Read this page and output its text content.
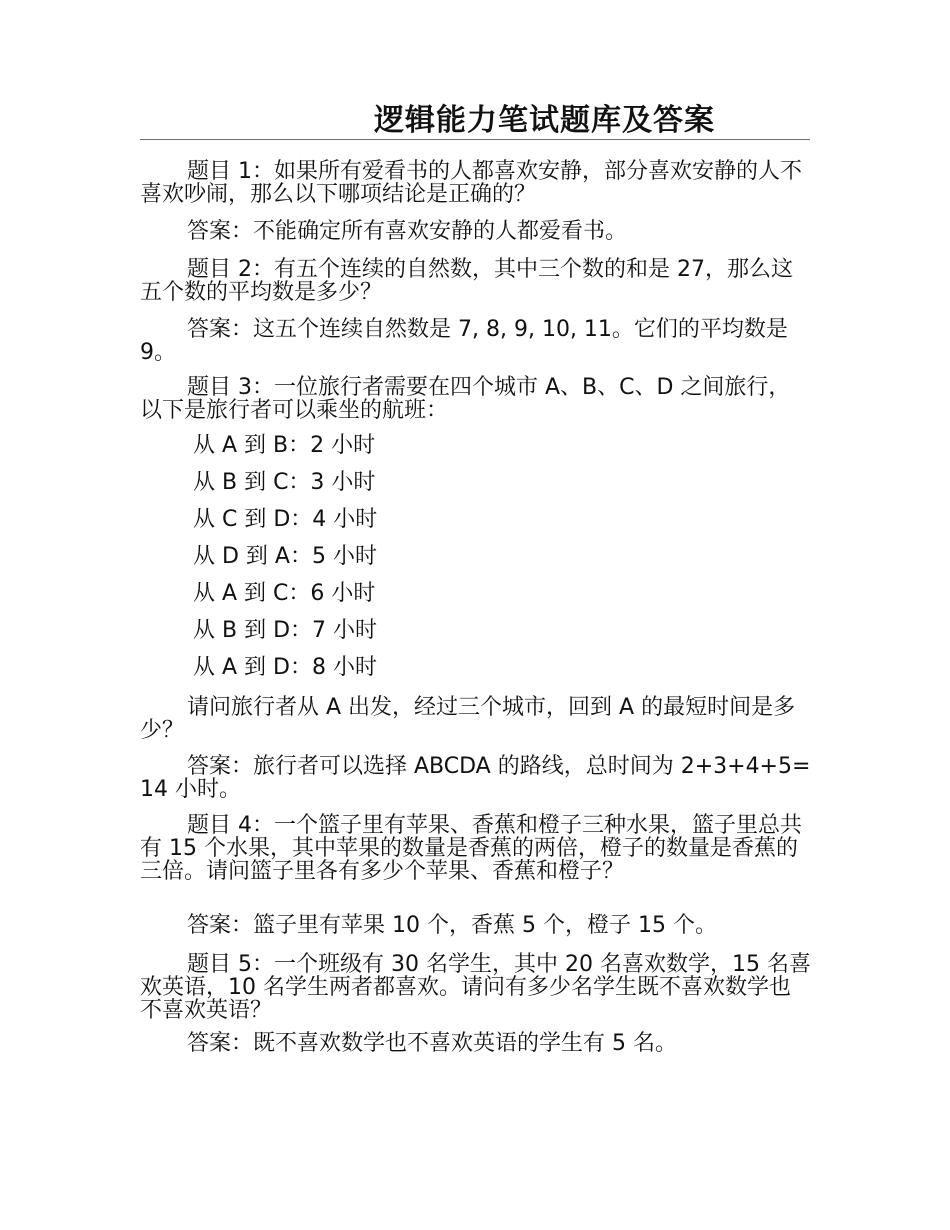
逻辑能力笔试题库及答案

题目 1：如果所有爱看书的人都喜欢安静，部分喜欢安静的人不喜欢吵闹，那么以下哪项结论是正确的？

答案：不能确定所有喜欢安静的人都爱看书。

题目 2：有五个连续的自然数，其中三个数的和是 27，那么这五个数的平均数是多少？

答案：这五个连续自然数是 7, 8, 9, 10, 11。它们的平均数是 9。

题目 3：一位旅行者需要在四个城市 A、B、C、D 之间旅行，以下是旅行者可以乘坐的航班：

从 A 到 B：2 小时

从 B 到 C：3 小时

从 C 到 D：4 小时

从 D 到 A：5 小时

从 A 到 C：6 小时

从 B 到 D：7 小时

从 A 到 D：8 小时

请问旅行者从 A 出发，经过三个城市，回到 A 的最短时间是多少？

答案：旅行者可以选择 ABCDA 的路线，总时间为 2+3+4+5=14 小时。

题目 4：一个篮子里有苹果、香蕉和橙子三种水果，篮子里总共有 15 个水果，其中苹果的数量是香蕉的两倍，橙子的数量是香蕉的三倍。请问篮子里各有多少个苹果、香蕉和橙子？

答案：篮子里有苹果 10 个，香蕉 5 个，橙子 15 个。

题目 5：一个班级有 30 名学生，其中 20 名喜欢数学，15 名喜欢英语，10 名学生两者都喜欢。请问有多少名学生既不喜欢数学也不喜欢英语？

答案：既不喜欢数学也不喜欢英语的学生有 5 名。
